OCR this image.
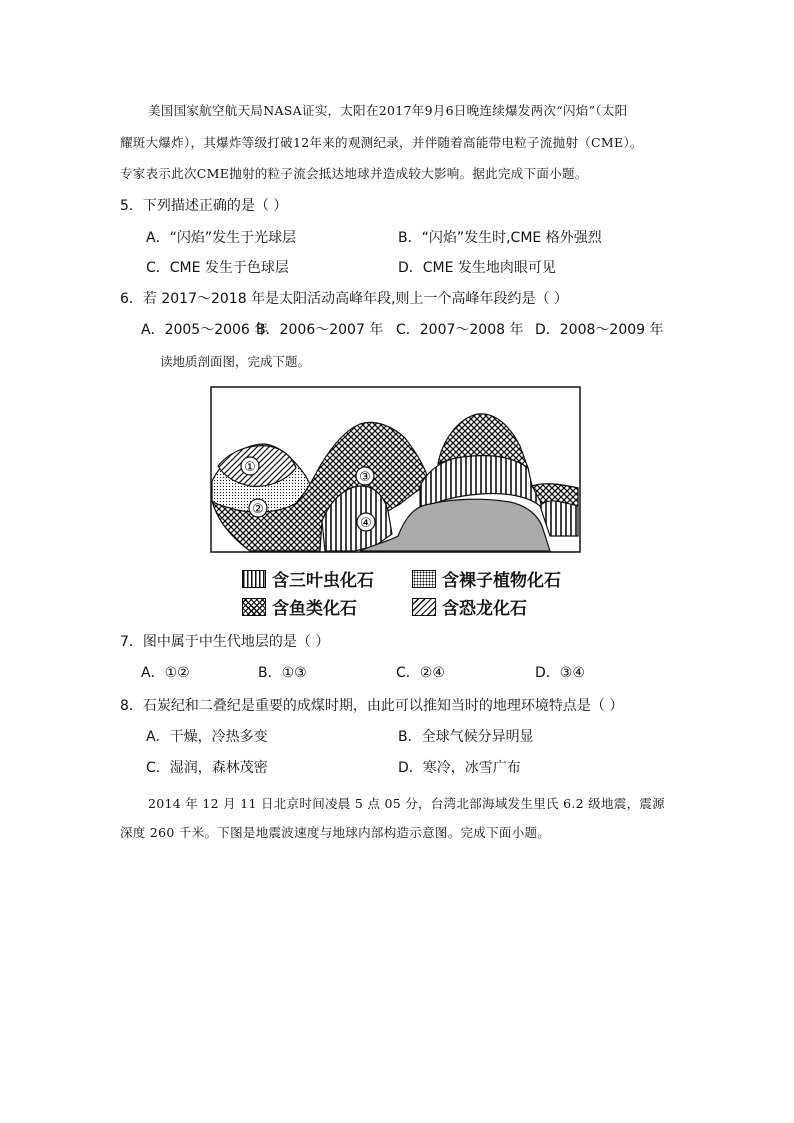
美国国家航空航天局NASA证实，太阳在2017年9月6日晚连续爆发两次“闪焰”（太阳
耀斑大爆炸），其爆炸等级打破12年来的观测纪录，并伴随着高能带电粒子流抛射（CME）。
专家表示此次CME抛射的粒子流会抵达地球并造成较大影响。据此完成下面小题。
5．下列描述正确的是（ ）
A．“闪焰”发生于光球层	B．“闪焰”发生时,CME 格外强烈
C．CME 发生于色球层	D．CME 发生地肉眼可见
6．若 2017～2018 年是太阳活动高峰年段,则上一个高峰年段约是（ ）
A．2005～2006 年
B．2006～2007 年 C．2007～2008 年 D．2008～2009 年
读地质剖面图，完成下题。
①
②
③
④
含三叶虫化石	含裸子植物化石
含鱼类化石	含恐龙化石
7．图中属于中生代地层的是（ ）
A．①②	B．①③	C．②④	D．③④
8．石炭纪和二叠纪是重要的成煤时期，由此可以推知当时的地理环境特点是（ ）
A．干燥，冷热多变	B．全球气候分异明显
C．湿润，森林茂密	D．寒冷，冰雪广布
2014 年 12 月 11 日北京时间凌晨 5 点 05 分，台湾北部海域发生里氏 6.2 级地震，震源
深度 260 千米。下图是地震波速度与地球内部构造示意图。完成下面小题。
